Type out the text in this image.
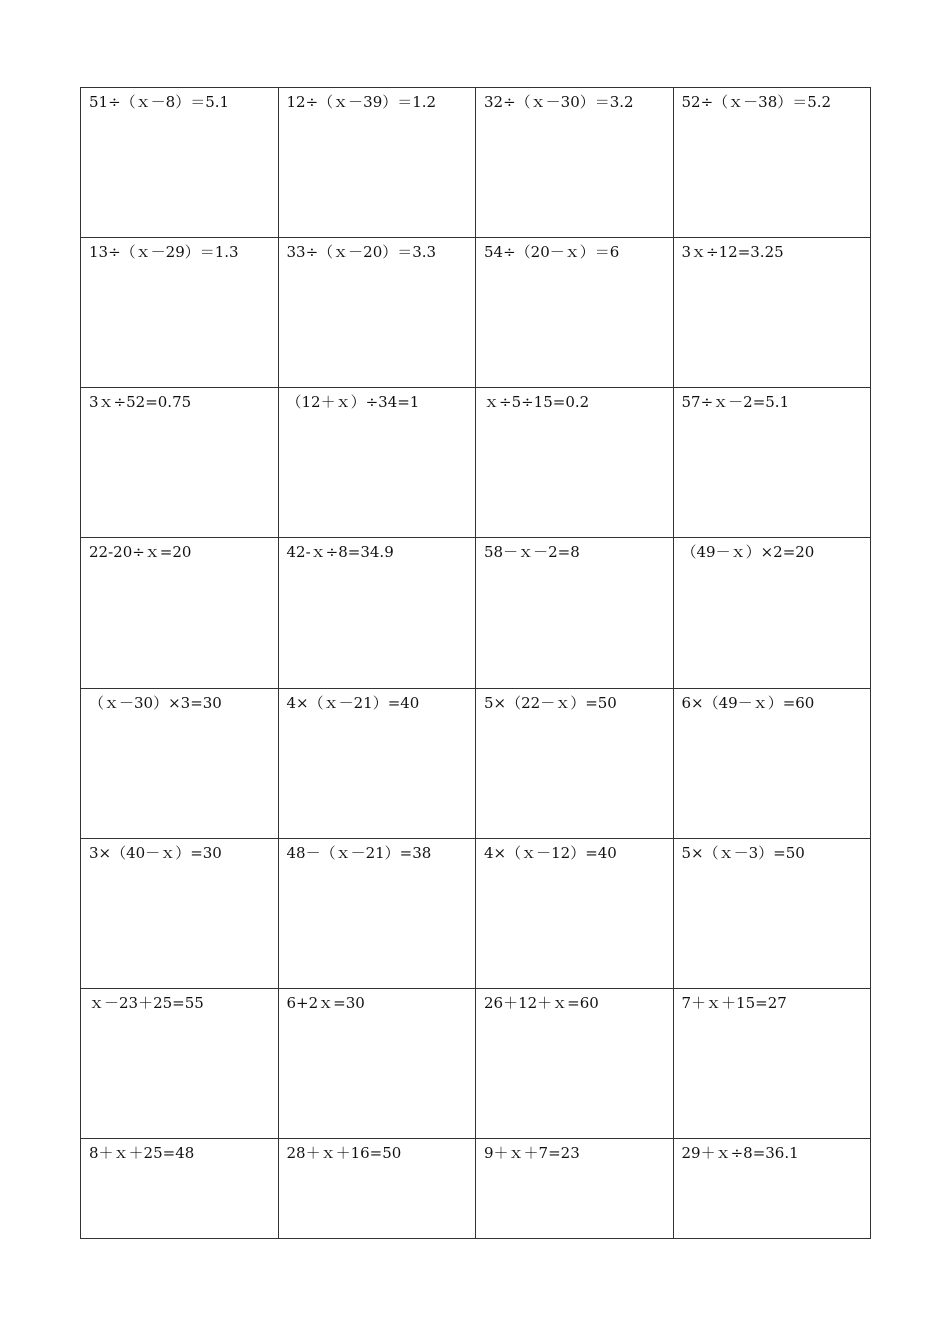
51÷（ｘ－8）＝5.1	12÷（ｘ－39）＝1.2	32÷（ｘ－30）＝3.2	52÷（ｘ－38）＝5.2
13÷（ｘ－29）＝1.3	33÷（ｘ－20）＝3.3	54÷（20－ｘ）＝6	3ｘ÷12=3.25
3ｘ÷52=0.75	（12＋ｘ）÷34=1	ｘ÷5÷15=0.2	57÷ｘ－2=5.1
22-20÷ｘ=20	42-ｘ÷8=34.9	58－ｘ－2=8	（49－ｘ）×2=20
（ｘ－30）×3=30	4×（ｘ－21）=40	5×（22－ｘ）=50	6×（49－ｘ）=60
3×（40－ｘ）=30	48－（ｘ－21）=38	4×（ｘ－12）=40	5×（ｘ－3）=50
ｘ－23＋25=55	6+2ｘ=30	26＋12＋ｘ=60	7＋ｘ＋15=27
8＋ｘ＋25=48	28＋ｘ＋16=50	9＋ｘ＋7=23	29＋ｘ÷8=36.1
